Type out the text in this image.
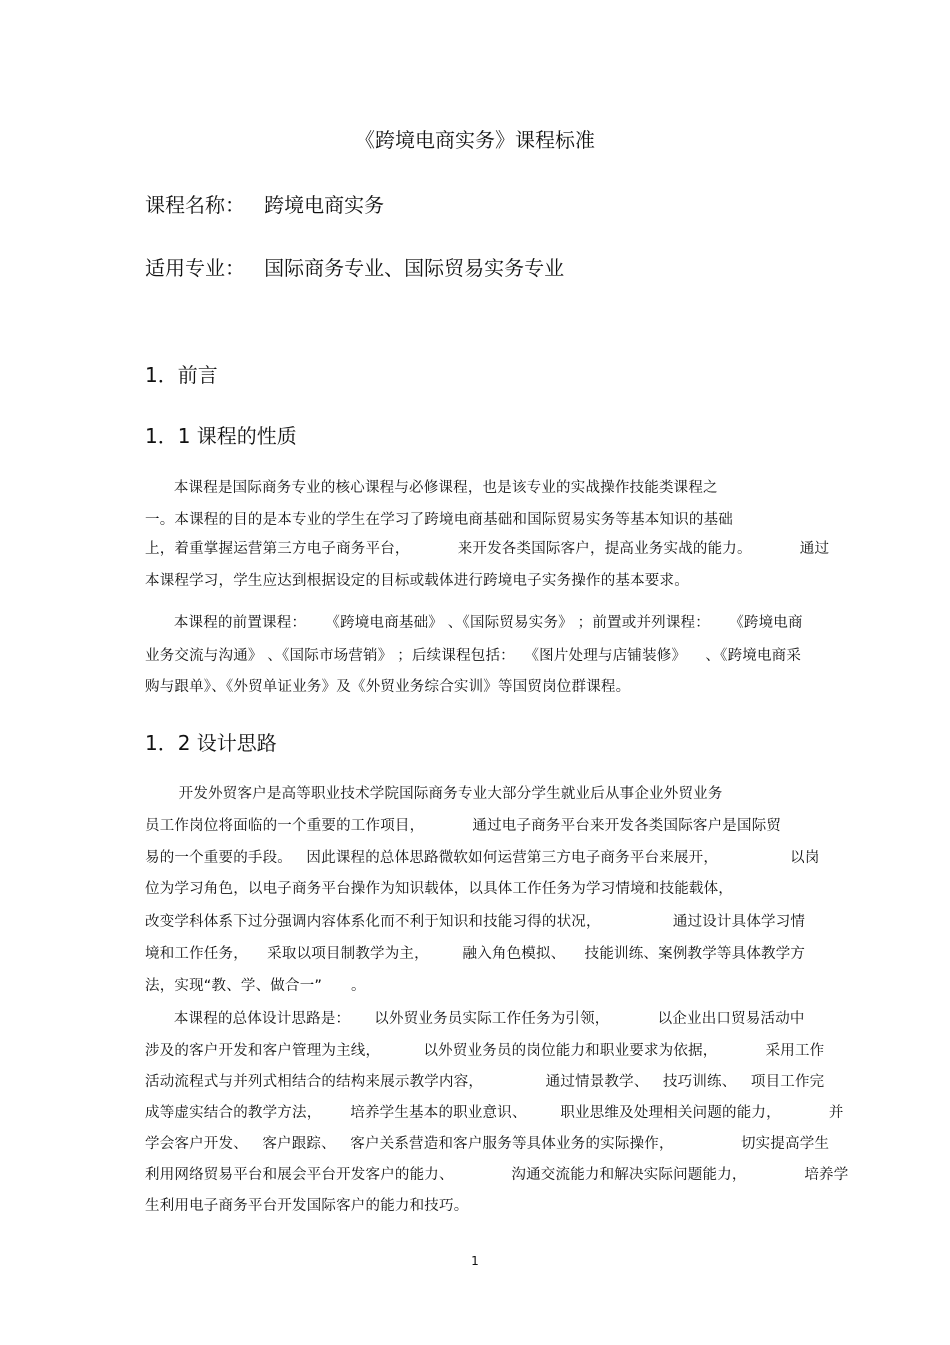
《跨境电商实务》课程标准

课程名称：   跨境电商实务

适用专业：   国际商务专业、国际贸易实务专业

1．前言

1．1 课程的性质

本课程是国际商务专业的核心课程与必修课程，也是该专业的实战操作技能类课程之

一。本课程的目的是本专业的学生在学习了跨境电商基础和国际贸易实务等基本知识的基础

上，着重掌握运营第三方电子商务平台，          来开发各类国际客户，提高业务实战的能力。          通过

本课程学习，学生应达到根据设定的目标或载体进行跨境电子实务操作的基本要求。

本课程的前置课程：    《跨境电商基础》 、《国际贸易实务》 ；前置或并列课程：    《跨境电商

业务交流与沟通》 、《国际市场营销》 ；后续课程包括：  《图片处理与店铺装修》    、《跨境电商采

购与跟单》、《外贸单证业务》及《外贸业务综合实训》等国贸岗位群课程。

1．2 设计思路

开发外贸客户是高等职业技术学院国际商务专业大部分学生就业后从事企业外贸业务

员工作岗位将面临的一个重要的工作项目，          通过电子商务平台来开发各类国际客户是国际贸

易的一个重要的手段。   因此课程的总体思路微软如何运营第三方电子商务平台来展开，               以岗

位为学习角色，以电子商务平台操作为知识载体，以具体工作任务为学习情境和技能载体，

改变学科体系下过分强调内容体系化而不利于知识和技能习得的状况，               通过设计具体学习情

境和工作任务，    采取以项目制教学为主，       融入角色模拟、    技能训练、案例教学等具体教学方

法，实现“教、学、做合一”      。

本课程的总体设计思路是：     以外贸业务员实际工作任务为引领，          以企业出口贸易活动中

涉及的客户开发和客户管理为主线，         以外贸业务员的岗位能力和职业要求为依据，          采用工作

活动流程式与并列式相结合的结构来展示教学内容，             通过情景教学、   技巧训练、   项目工作完

成等虚实结合的教学方法，      培养学生基本的职业意识、       职业思维及处理相关问题的能力，          并

学会客户开发、   客户跟踪、   客户关系营造和客户服务等具体业务的实际操作，              切实提高学生

利用网络贸易平台和展会平台开发客户的能力、            沟通交流能力和解决实际问题能力，            培养学

生利用电子商务平台开发国际客户的能力和技巧。

1
